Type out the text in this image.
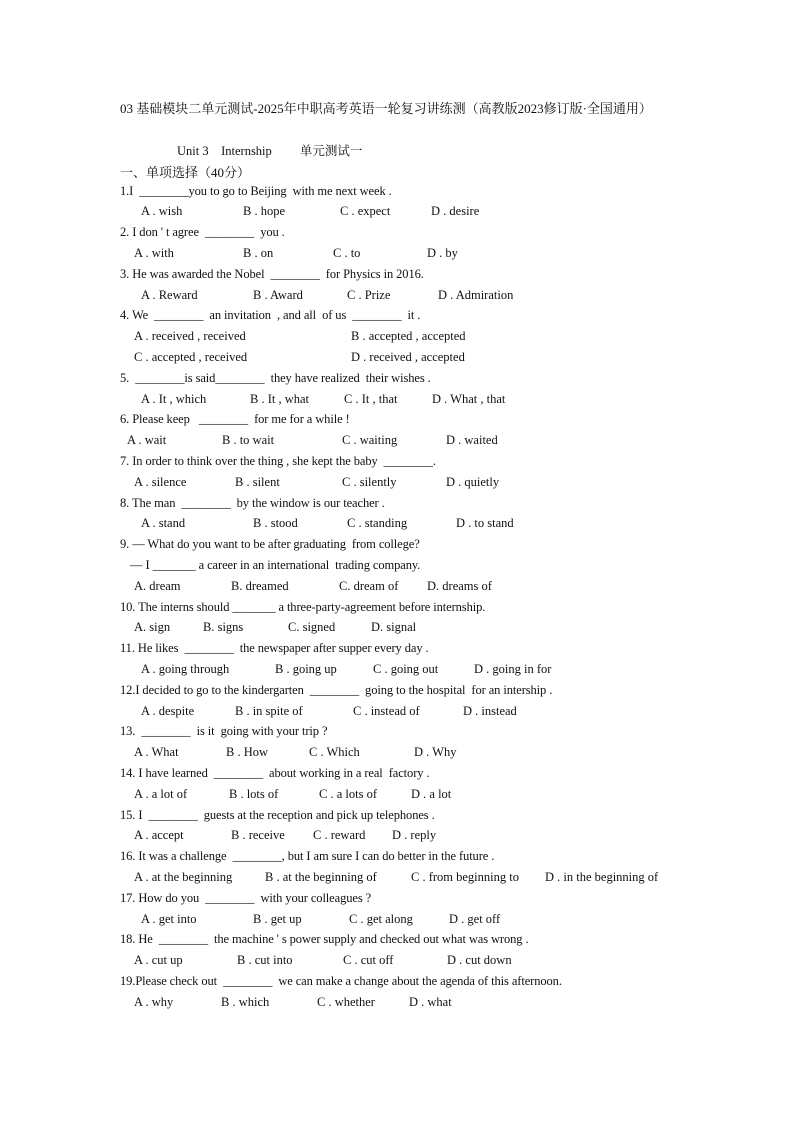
03 基础模块二单元测试-2025年中职高考英语一轮复习讲练测（高教版2023修订版·全国通用）
Unit 3    Internship         单元测试一
一、单项选择（40分）
1.I  ________you to go to Beijing  with me next week .
A . wish	B . hope	C . expect	D . desire
2. I don ' t agree  ________  you .
A . with	B . on	C . to	D . by
3. He was awarded the Nobel  ________  for Physics in 2016.
A . Reward	B . Award	C . Prize	D . Admiration
4. We  ________  an invitation  , and all  of us  ________  it .
A . received , received	B . accepted , accepted
C . accepted , received	D . received , accepted
5.  ________is said________  they have realized  their wishes .
A . It , which	B . It , what	C . It , that	D . What , that
6. Please keep   ________  for me for a while !
A . wait	B . to wait	C . waiting	D . waited
7. In order to think over the thing , she kept the baby  ________.
A . silence	B . silent	C . silently	D . quietly
8. The man  ________  by the window is our teacher .
A . stand	B . stood	C . standing	D . to stand
9. — What do you want to be after graduating  from college?
— I _______ a career in an international  trading company.
A. dream	B. dreamed	C. dream of D. dreams of
10. The interns should _______ a three-party-agreement before internship.
A. sign	B. signs	C. signed	D. signal
11. He likes  ________  the newspaper after supper every day .
A . going through	B . going up	C . going out	D . going in for
12.I decided to go to the kindergarten  ________  going to the hospital  for an intership .
A . despite	B . in spite of	C . instead of	D . instead
13.  ________  is it  going with your trip ?
A . What	B . How	C . Which	D . Why
14. I have learned  ________  about working in a real  factory .
A . a lot of	B . lots of	C . a lots of	D . a lot
15. I  ________  guests at the reception and pick up telephones .
A . accept	B . receive C . reward D . reply
16. It was a challenge  ________, but I am sure I can do better in the future .
A . at the beginning	B . at the beginning of	C . from beginning to D . in the beginning of
17. How do you  ________  with your colleagues ?
A . get into	B . get up	C . get along	D . get off
18. He  ________  the machine ' s power supply and checked out what was wrong .
A . cut up	B . cut into	C . cut off	D . cut down
19.Please check out  ________  we can make a change about the agenda of this afternoon.
A . why	B . which	C . whether	D . what
